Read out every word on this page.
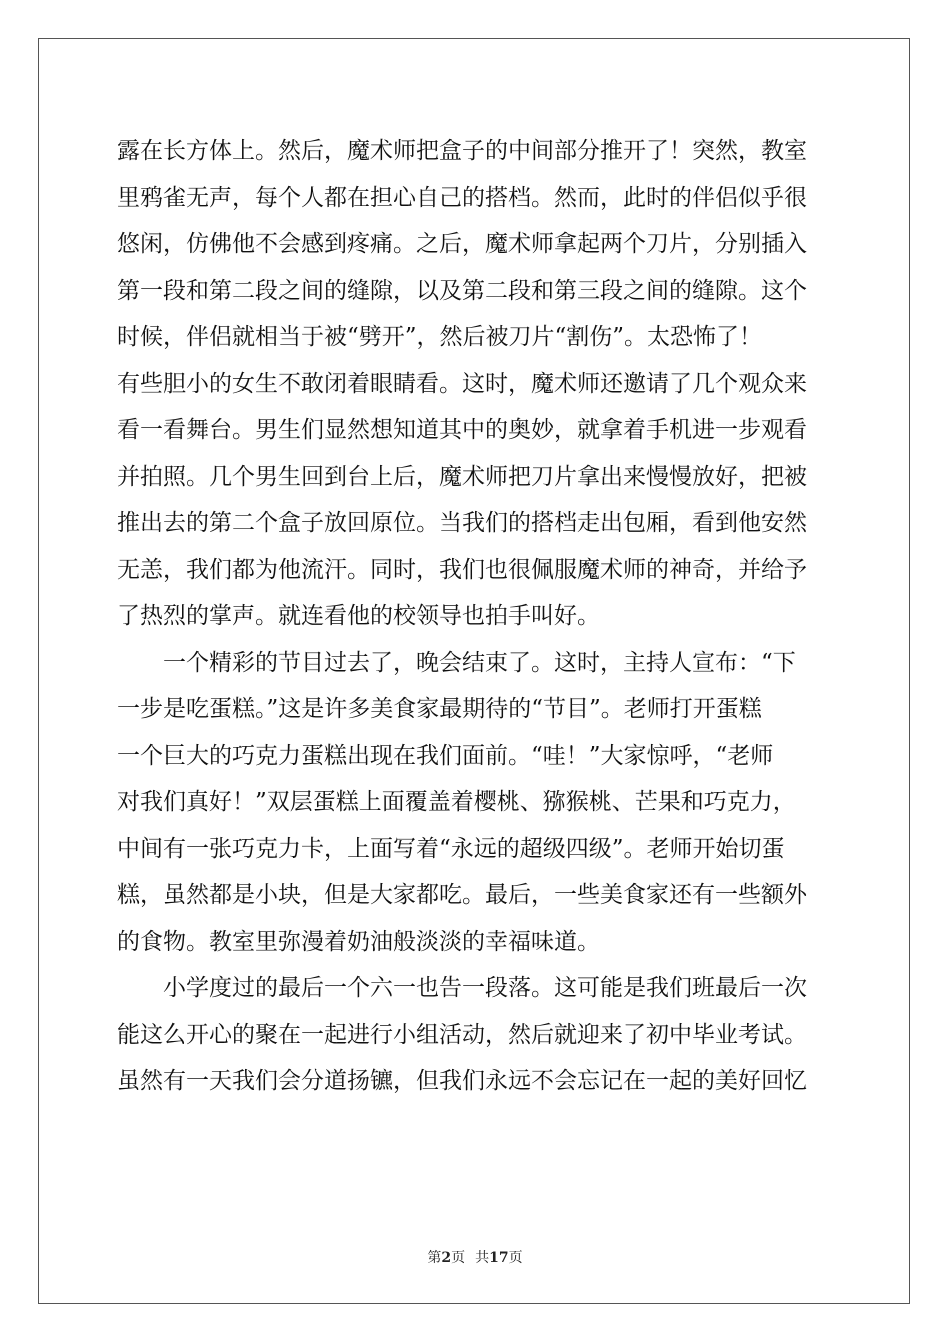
露在长方体上。然后，魔术师把盒子的中间部分推开了！突然，教室
里鸦雀无声，每个人都在担心自己的搭档。然而，此时的伴侣似乎很
悠闲，仿佛他不会感到疼痛。之后，魔术师拿起两个刀片，分别插入
第一段和第二段之间的缝隙，以及第二段和第三段之间的缝隙。这个
时候，伴侣就相当于被“劈开”，然后被刀片“割伤”。太恐怖了！
有些胆小的女生不敢闭着眼睛看。这时，魔术师还邀请了几个观众来
看一看舞台。男生们显然想知道其中的奥妙，就拿着手机进一步观看
并拍照。几个男生回到台上后，魔术师把刀片拿出来慢慢放好，把被
推出去的第二个盒子放回原位。当我们的搭档走出包厢，看到他安然
无恙，我们都为他流汗。同时，我们也很佩服魔术师的神奇，并给予
了热烈的掌声。就连看他的校领导也拍手叫好。
一个精彩的节目过去了，晚会结束了。这时，主持人宣布：“下
一步是吃蛋糕。”这是许多美食家最期待的“节目”。老师打开蛋糕
一个巨大的巧克力蛋糕出现在我们面前。“哇！”大家惊呼，“老师
对我们真好！”双层蛋糕上面覆盖着樱桃、猕猴桃、芒果和巧克力，
中间有一张巧克力卡，上面写着“永远的超级四级”。老师开始切蛋
糕，虽然都是小块，但是大家都吃。最后，一些美食家还有一些额外
的食物。教室里弥漫着奶油般淡淡的幸福味道。
小学度过的最后一个六一也告一段落。这可能是我们班最后一次
能这么开心的聚在一起进行小组活动，然后就迎来了初中毕业考试。
虽然有一天我们会分道扬镳，但我们永远不会忘记在一起的美好回忆
第2页 共17页
